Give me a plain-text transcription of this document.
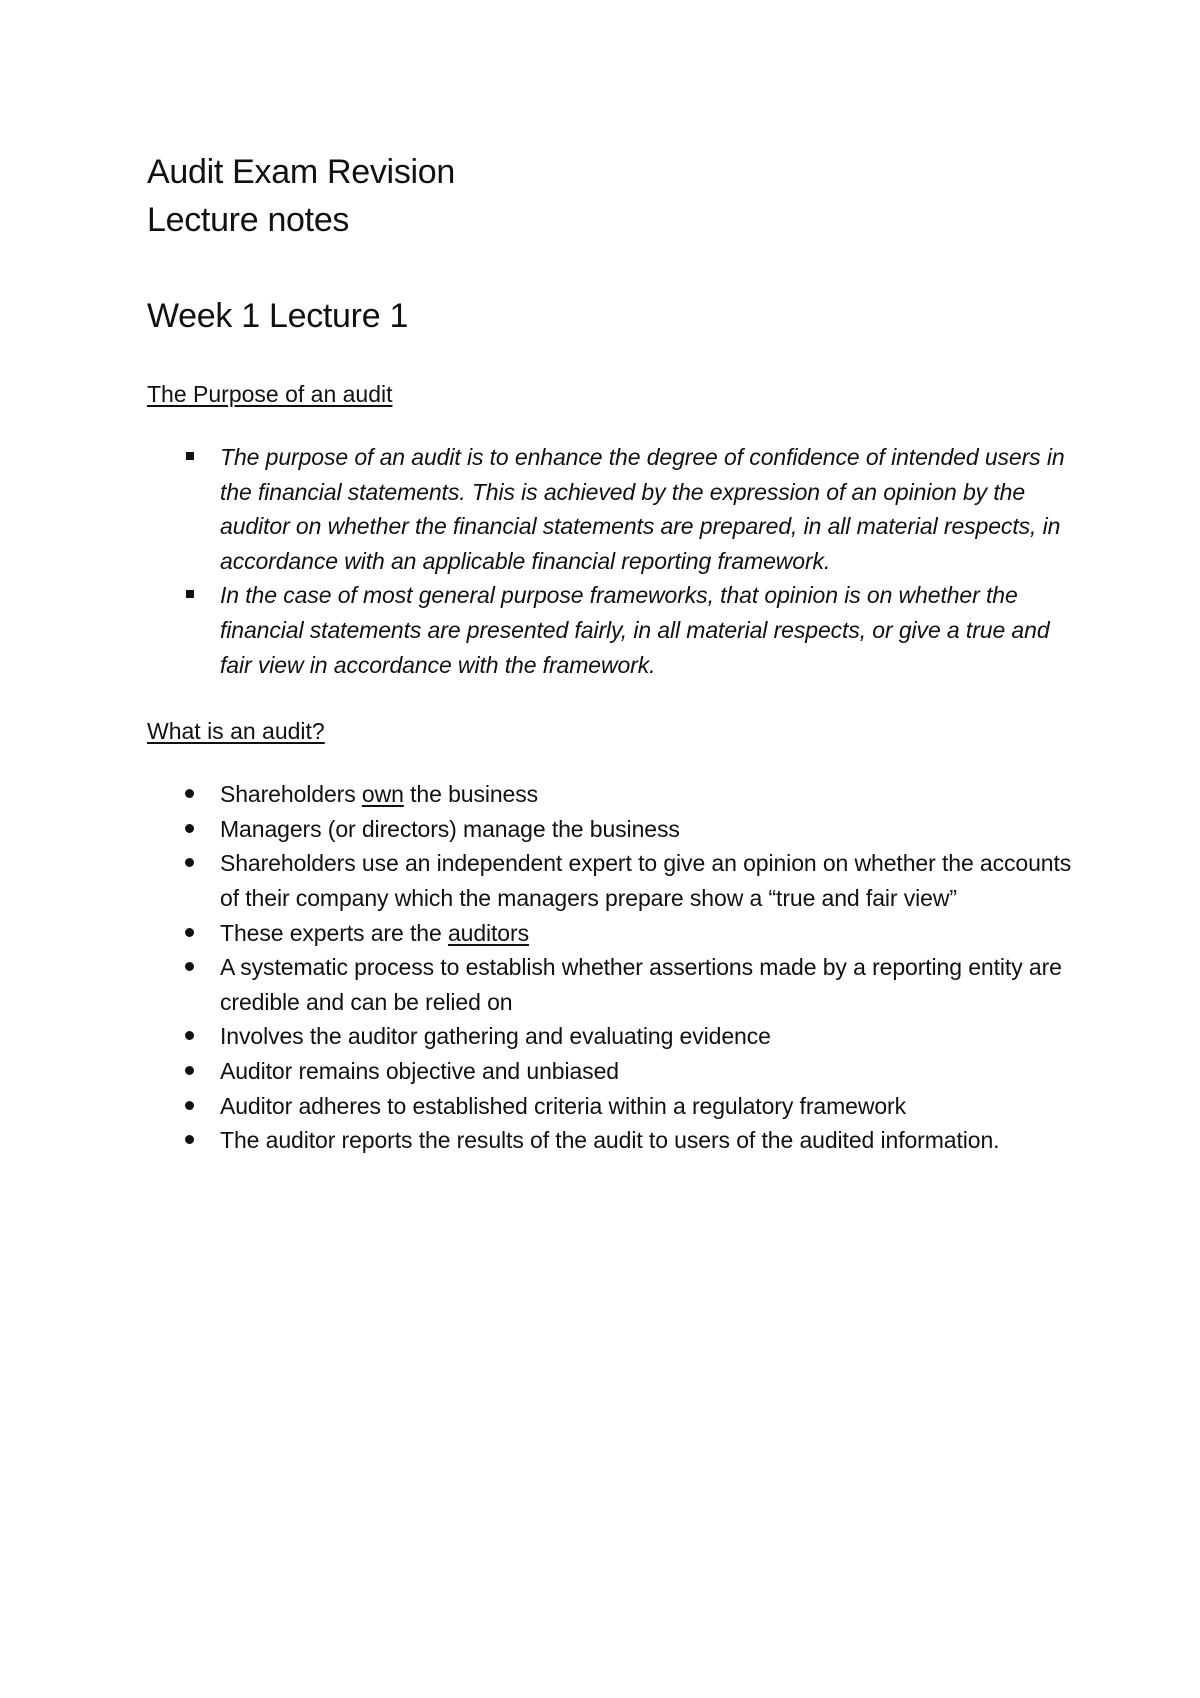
Audit Exam Revision
Lecture notes
Week 1 Lecture 1
The Purpose of an audit
The purpose of an audit is to enhance the degree of confidence of intended users in the financial statements. This is achieved by the expression of an opinion by the auditor on whether the financial statements are prepared, in all material respects, in accordance with an applicable financial reporting framework.
In the case of most general purpose frameworks, that opinion is on whether the financial statements are presented fairly, in all material respects, or give a true and fair view in accordance with the framework.
What is an audit?
Shareholders own the business
Managers (or directors) manage the business
Shareholders use an independent expert to give an opinion on whether the accounts of their company which the managers prepare show a “true and fair view”
These experts are the auditors
A systematic process to establish whether assertions made by a reporting entity are credible and can be relied on
Involves the auditor gathering and evaluating evidence
Auditor remains objective and unbiased
Auditor adheres to established criteria within a regulatory framework
The auditor reports the results of the audit to users of the audited information.
